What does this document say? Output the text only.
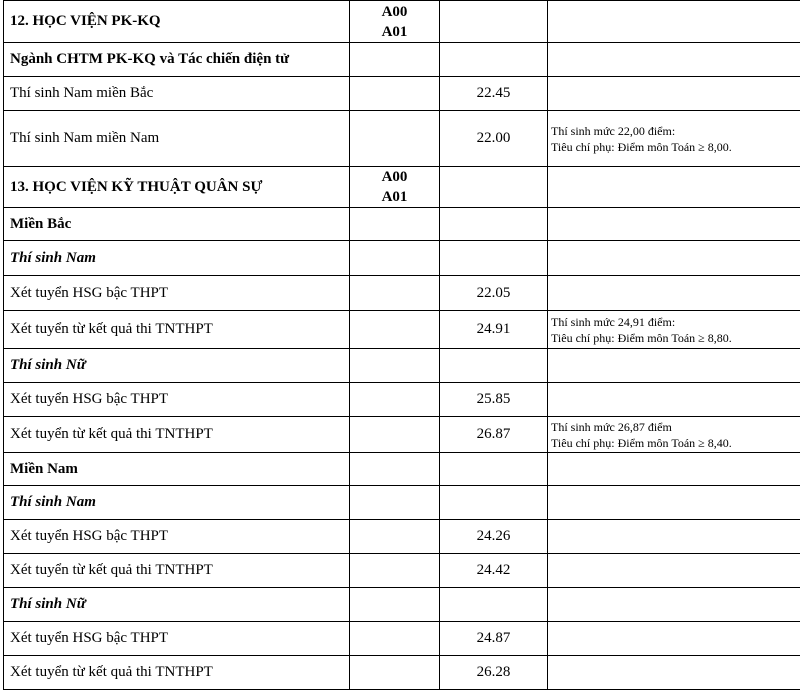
12. HỌC VIỆN PK-KQ	A00
A01		

Ngành CHTM PK-KQ và Tác chiến điện tử			
Thí sinh Nam miền Bắc		22.45	
Thí sinh Nam miền Nam		22.00	Thí sinh mức 22,00 điểm:
Tiêu chí phụ: Điểm môn Toán ≥ 8,00.

13. HỌC VIỆN KỸ THUẬT QUÂN SỰ	A00
A01		

Miền Bắc			
Thí sinh Nam			
Xét tuyển HSG bậc THPT		22.05	
Xét tuyển từ kết quả thi TNTHPT		24.91	Thí sinh mức 24,91 điểm:
Tiêu chí phụ: Điểm môn Toán ≥ 8,80.

Thí sinh Nữ			
Xét tuyển HSG bậc THPT		25.85	
Xét tuyển từ kết quả thi TNTHPT		26.87	Thí sinh mức 26,87 điểm
Tiêu chí phụ: Điểm môn Toán ≥ 8,40.

Miền Nam			
Thí sinh Nam			
Xét tuyển HSG bậc THPT		24.26	
Xét tuyển từ kết quả thi TNTHPT		24.42	
Thí sinh Nữ			
Xét tuyển HSG bậc THPT		24.87	
Xét tuyển từ kết quả thi TNTHPT		26.28	
